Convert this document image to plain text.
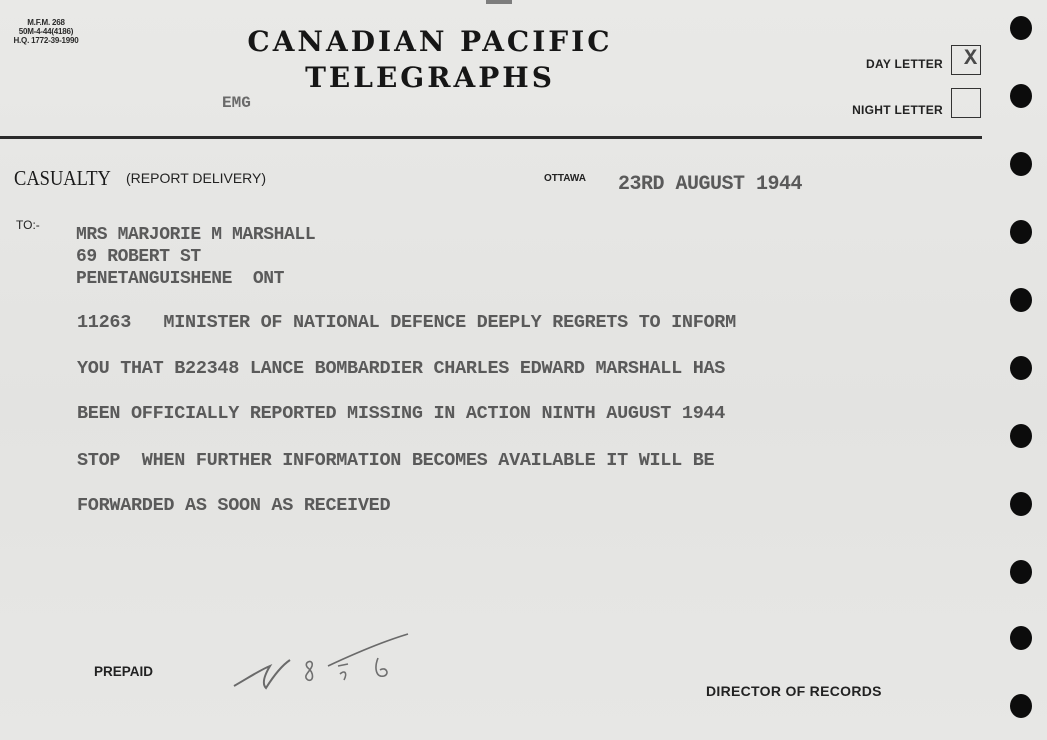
M.F.M. 268
50M-4-44(4186)
H.Q. 1772-39-1990	CANADIAN PACIFIC
TELEGRAPHS
EMG
DAY LETTER X
NIGHT LETTER
CASUALTY (REPORT DELIVERY)	OTTAWA 23RD AUGUST 1944
TO:- MRS MARJORIE M MARSHALL
69 ROBERT ST
PENETANGUISHENE  ONT
11263   MINISTER OF NATIONAL DEFENCE DEEPLY REGRETS TO INFORM
YOU THAT B22348 LANCE BOMBARDIER CHARLES EDWARD MARSHALL HAS
BEEN OFFICIALLY REPORTED MISSING IN ACTION NINTH AUGUST 1944
STOP  WHEN FURTHER INFORMATION BECOMES AVAILABLE IT WILL BE
FORWARDED AS SOON AS RECEIVED
PREPAID
DIRECTOR OF RECORDS
